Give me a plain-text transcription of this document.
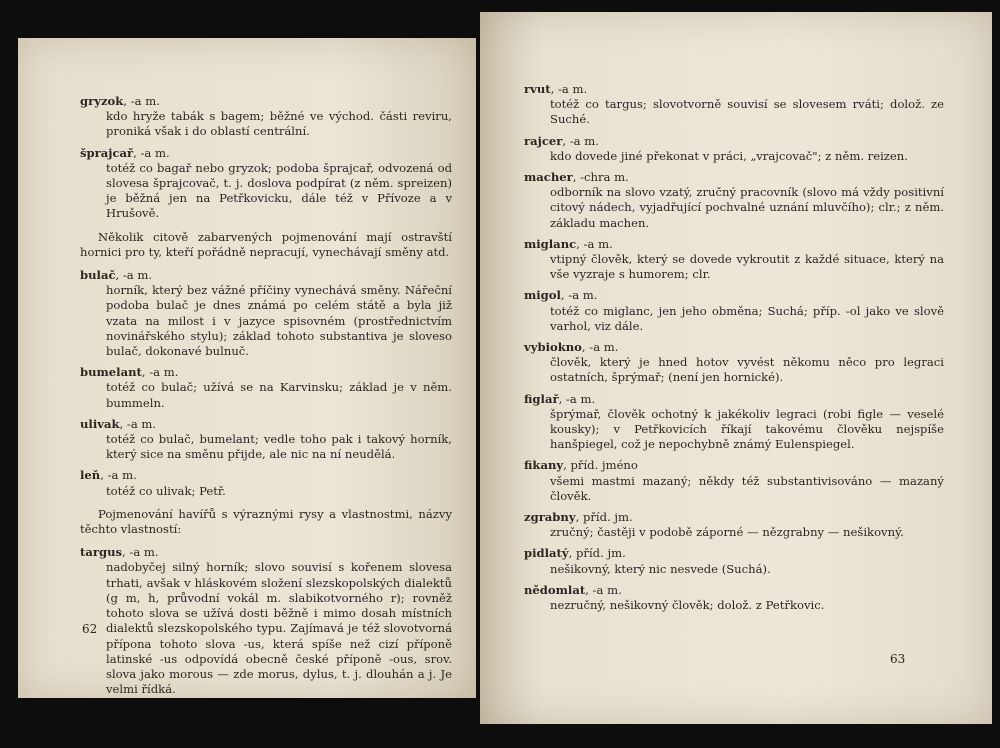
gryzok, -a m.
kdo hryže tabák s bagem; běžné ve východ. části reviru, proniká však i do oblastí centrální.
šprajcař, -a m.
totéž co bagař nebo gryzok; podoba šprajcař, odvozená od slovesa šprajcovač, t. j. doslova podpírat (z něm. spreizen) je běžná jen na Petřkovicku, dále též v Přívoze a v Hrušově.
Několik citově zabarvených pojmenování mají ostravští hornici pro ty, kteří pořádně nepracují, vynechávají směny atd.
bulač, -a m.
horník, který bez vážné příčiny vynechává směny. Nářeční podoba bulač je dnes známá po celém státě a byla již vzata na milost i v jazyce spisovném (prostřednictvím novinářského stylu); základ tohoto substantiva je sloveso bulač, dokonavé bulnuč.
bumelant, -a m.
totéž co bulač; užívá se na Karvinsku; základ je v něm. bummeln.
ulivak, -a m.
totéž co bulač, bumelant; vedle toho pak i takový horník, který sice na směnu přijde, ale nic na ní neudělá.
leň, -a m.
totéž co ulivak; Petř.
Pojmenování havířů s výraznými rysy a vlastnostmi, názvy těchto vlastností:
targus, -a m.
nadobyčej silný horník; slovo souvisí s kořenem slovesa trhati, avšak v hláskovém složení slezskopolských dialektů (g m, h, průvodní vokál m. slabikotvorného r); rovněž tohoto slova se užívá dosti běžně i mimo dosah místních dialektů slezskopolského typu. Zajímavá je též slovotvorná přípona tohoto slova -us, která spíše než cizí příponě latinské -us odpovídá obecně české příponě -ous, srov. slova jako morous — zde morus, dylus, t. j. dlouhán a j. Je velmi řídká.
62
rvut, -a m.
totéž co targus; slovotvorně souvisí se slovesem rváti; dolož. ze Suché.
rajcer, -a m.
kdo dovede jiné překonat v práci, „vrajcovač"; z něm. reizen.
macher, -chra m.
odborník na slovo vzatý, zručný pracovník (slovo má vždy positivní citový nádech, vyjadřující pochvalné uznání mluvčího); clr.; z něm. základu machen.
miglanc, -a m.
vtipný člověk, který se dovede vykroutit z každé situace, který na vše vyzraje s humorem; clr.
migol, -a m.
totéž co miglanc, jen jeho obměna; Suchá; příp. -ol jako ve slově varhol, viz dále.
vybiokno, -a m.
člověk, který je hned hotov vyvést někomu něco pro legraci ostatních, šprýmař; (není jen hornické).
figlař, -a m.
šprýmař, člověk ochotný k jakékoliv legraci (robi figle — veselé kousky); v Petřkovicích říkají takovému člověku nejspíše hanšpiegel, což je nepochybně známý Eulenspiegel.
fikany, příd. jméno
všemi mastmi mazaný; někdy též substantivisováno — mazaný člověk.
zgrabny, příd. jm.
zručný; častěji v podobě záporné — nězgrabny — nešikovný.
pidlatý, příd. jm.
nešikovný, který nic nesvede (Suchá).
nědomlat, -a m.
nezručný, nešikovný člověk; dolož. z Petřkovic.
63
